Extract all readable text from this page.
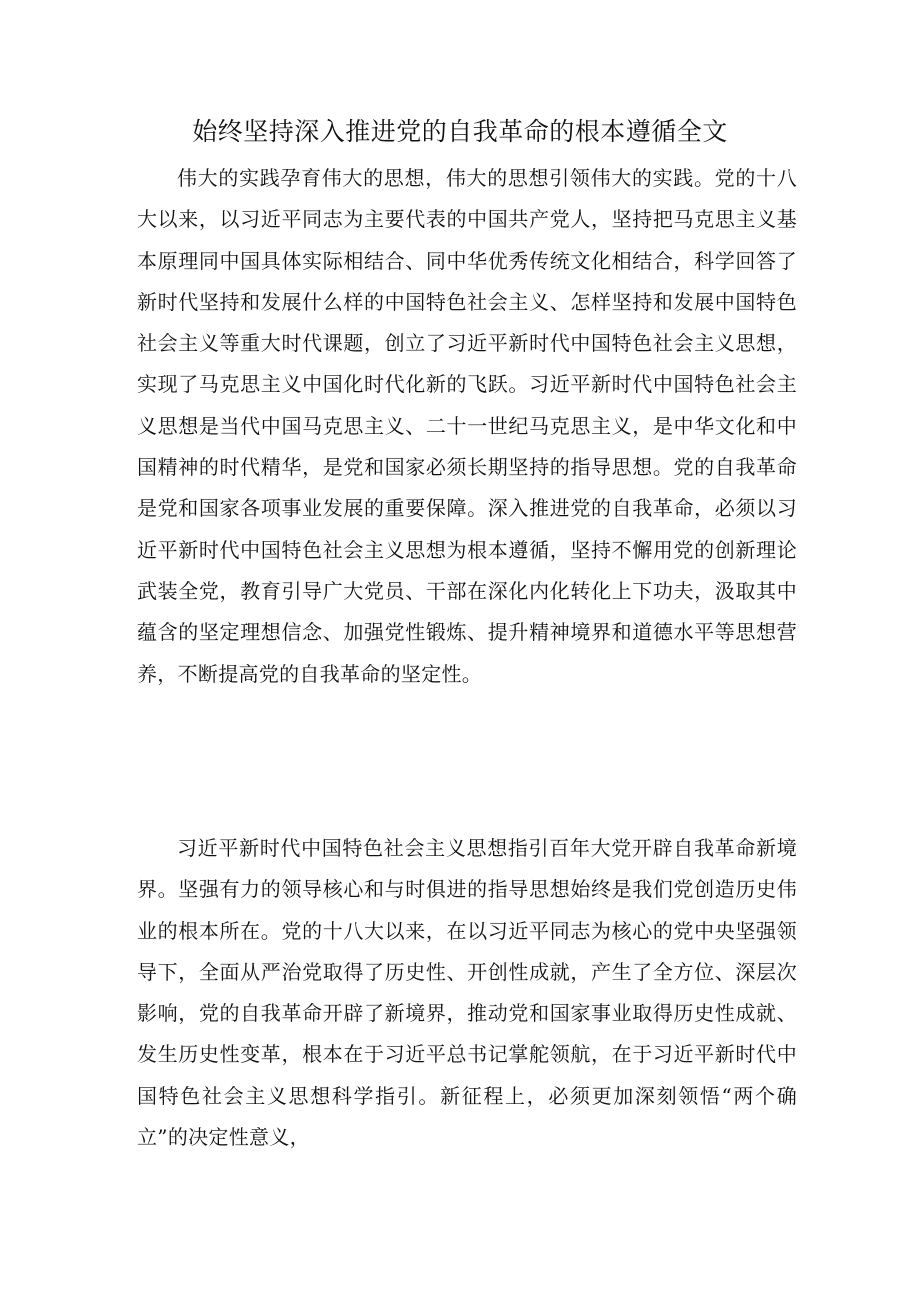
始终坚持深入推进党的自我革命的根本遵循全文

伟大的实践孕育伟大的思想，伟大的思想引领伟大的实践。党的十八大以来，以习近平同志为主要代表的中国共产党人，坚持把马克思主义基本原理同中国具体实际相结合、同中华优秀传统文化相结合，科学回答了新时代坚持和发展什么样的中国特色社会主义、怎样坚持和发展中国特色社会主义等重大时代课题，创立了习近平新时代中国特色社会主义思想，实现了马克思主义中国化时代化新的飞跃。习近平新时代中国特色社会主义思想是当代中国马克思主义、二十一世纪马克思主义，是中华文化和中国精神的时代精华，是党和国家必须长期坚持的指导思想。党的自我革命是党和国家各项事业发展的重要保障。深入推进党的自我革命，必须以习近平新时代中国特色社会主义思想为根本遵循，坚持不懈用党的创新理论武装全党，教育引导广大党员、干部在深化内化转化上下功夫，汲取其中蕴含的坚定理想信念、加强党性锻炼、提升精神境界和道德水平等思想营养，不断提高党的自我革命的坚定性。

习近平新时代中国特色社会主义思想指引百年大党开辟自我革命新境界。坚强有力的领导核心和与时俱进的指导思想始终是我们党创造历史伟业的根本所在。党的十八大以来，在以习近平同志为核心的党中央坚强领导下，全面从严治党取得了历史性、开创性成就，产生了全方位、深层次影响，党的自我革命开辟了新境界，推动党和国家事业取得历史性成就、发生历史性变革，根本在于习近平总书记掌舵领航，在于习近平新时代中国特色社会主义思想科学指引。新征程上，必须更加深刻领悟“两个确立”的决定性意义，
